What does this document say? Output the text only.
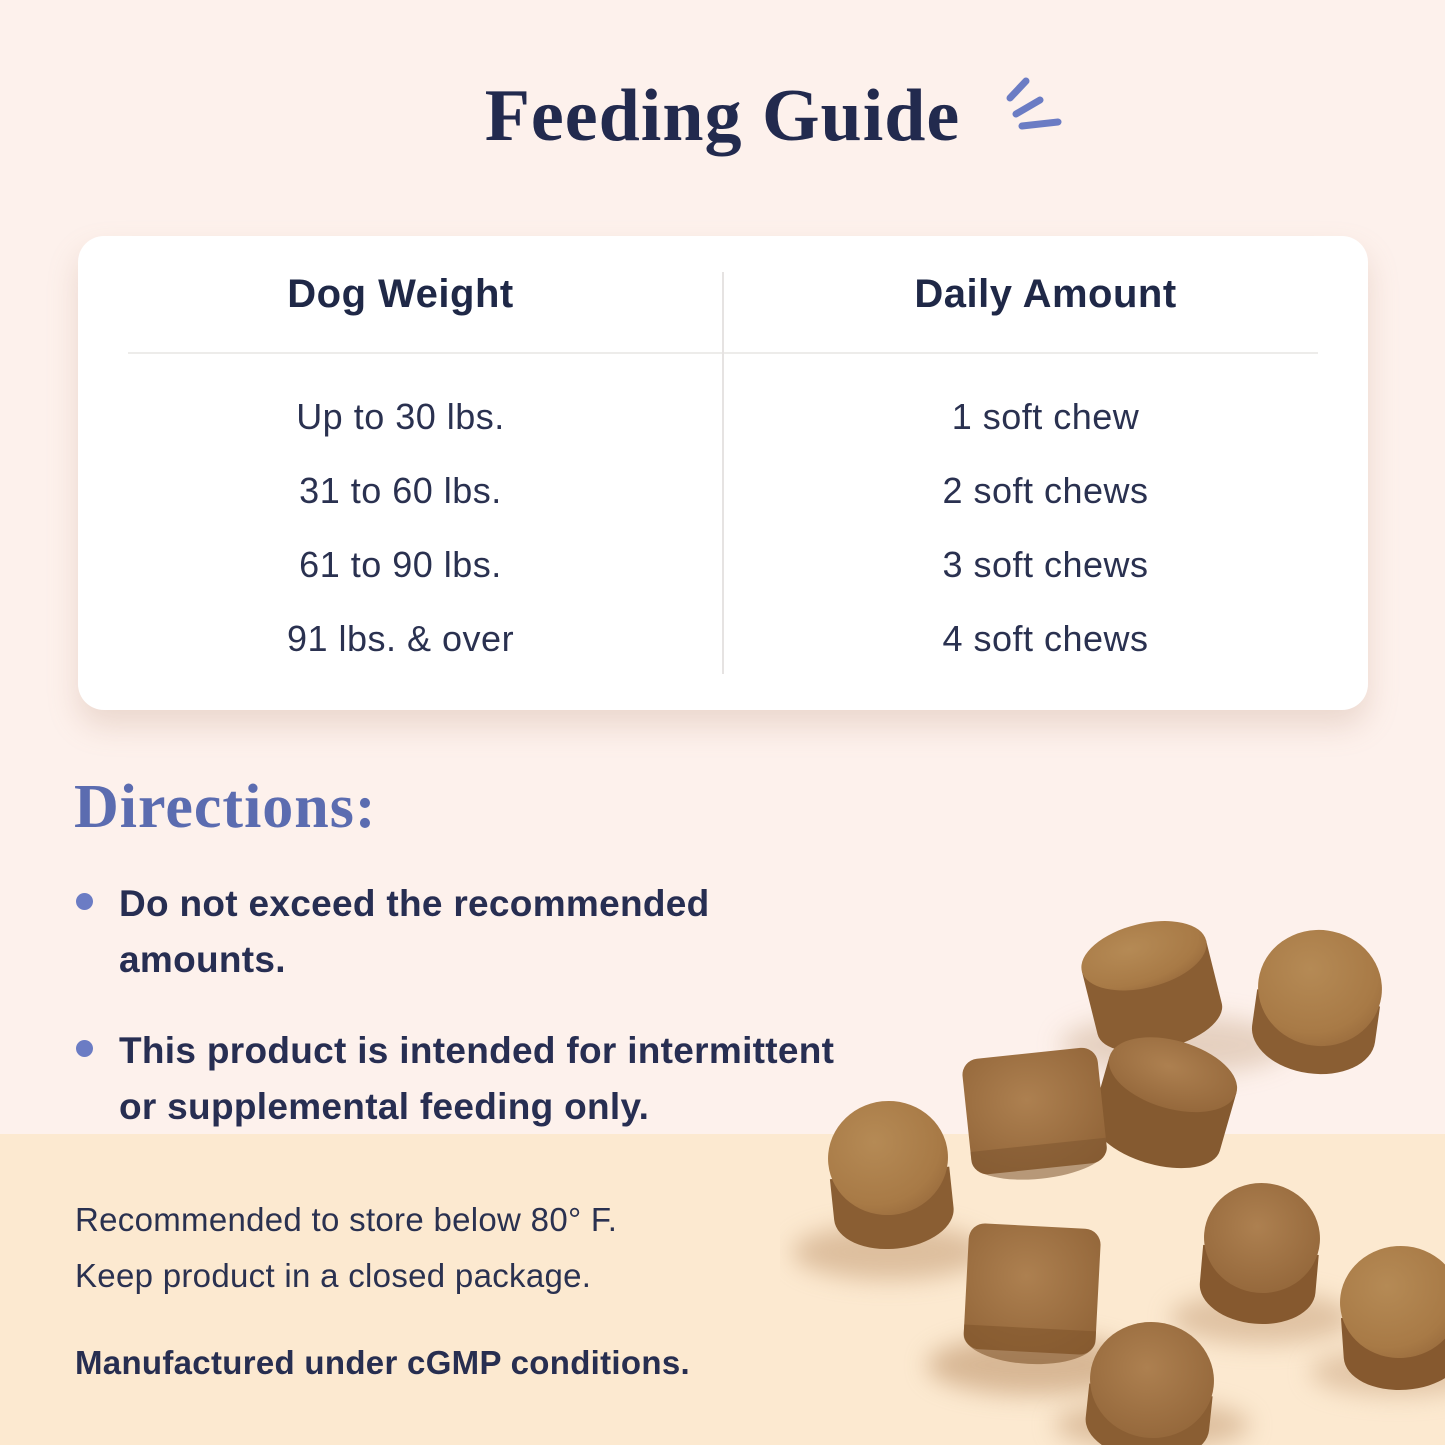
Feeding Guide
Dog Weight	Daily Amount
Up to 30 lbs.	1 soft chew
31 to 60 lbs.	2 soft chews
61 to 90 lbs.	3 soft chews
91 lbs. & over	4 soft chews
Directions:
Do not exceed the recommended amounts.
This product is intended for intermittent or supplemental feeding only.
Recommended to store below 80° F.
Keep product in a closed package.
Manufactured under cGMP conditions.
